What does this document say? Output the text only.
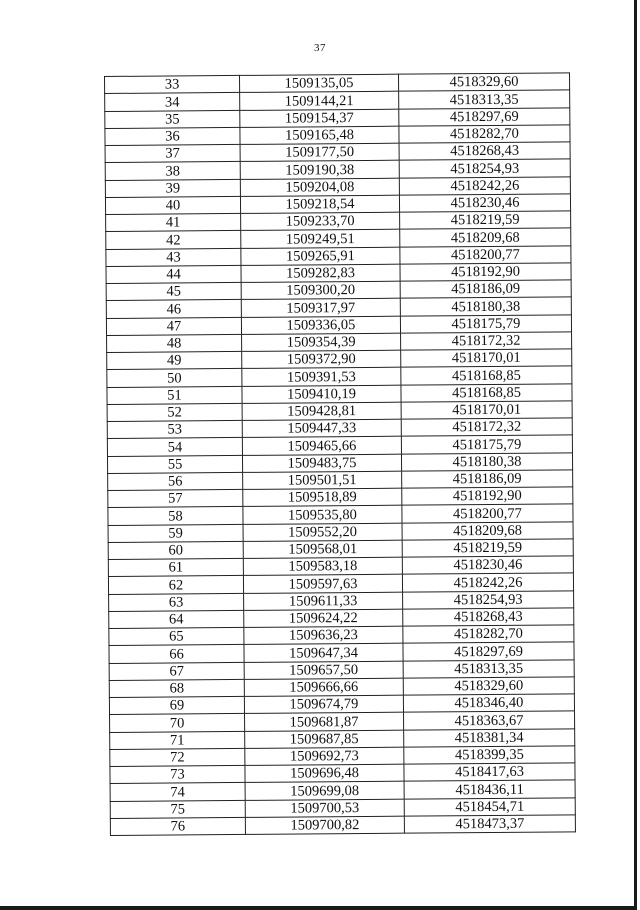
37
33	1509135,05	4518329,60
34	1509144,21	4518313,35
35	1509154,37	4518297,69
36	1509165,48	4518282,70
37	1509177,50	4518268,43
38	1509190,38	4518254,93
39	1509204,08	4518242,26
40	1509218,54	4518230,46
41	1509233,70	4518219,59
42	1509249,51	4518209,68
43	1509265,91	4518200,77
44	1509282,83	4518192,90
45	1509300,20	4518186,09
46	1509317,97	4518180,38
47	1509336,05	4518175,79
48	1509354,39	4518172,32
49	1509372,90	4518170,01
50	1509391,53	4518168,85
51	1509410,19	4518168,85
52	1509428,81	4518170,01
53	1509447,33	4518172,32
54	1509465,66	4518175,79
55	1509483,75	4518180,38
56	1509501,51	4518186,09
57	1509518,89	4518192,90
58	1509535,80	4518200,77
59	1509552,20	4518209,68
60	1509568,01	4518219,59
61	1509583,18	4518230,46
62	1509597,63	4518242,26
63	1509611,33	4518254,93
64	1509624,22	4518268,43
65	1509636,23	4518282,70
66	1509647,34	4518297,69
67	1509657,50	4518313,35
68	1509666,66	4518329,60
69	1509674,79	4518346,40
70	1509681,87	4518363,67
71	1509687,85	4518381,34
72	1509692,73	4518399,35
73	1509696,48	4518417,63
74	1509699,08	4518436,11
75	1509700,53	4518454,71
76	1509700,82	4518473,37
